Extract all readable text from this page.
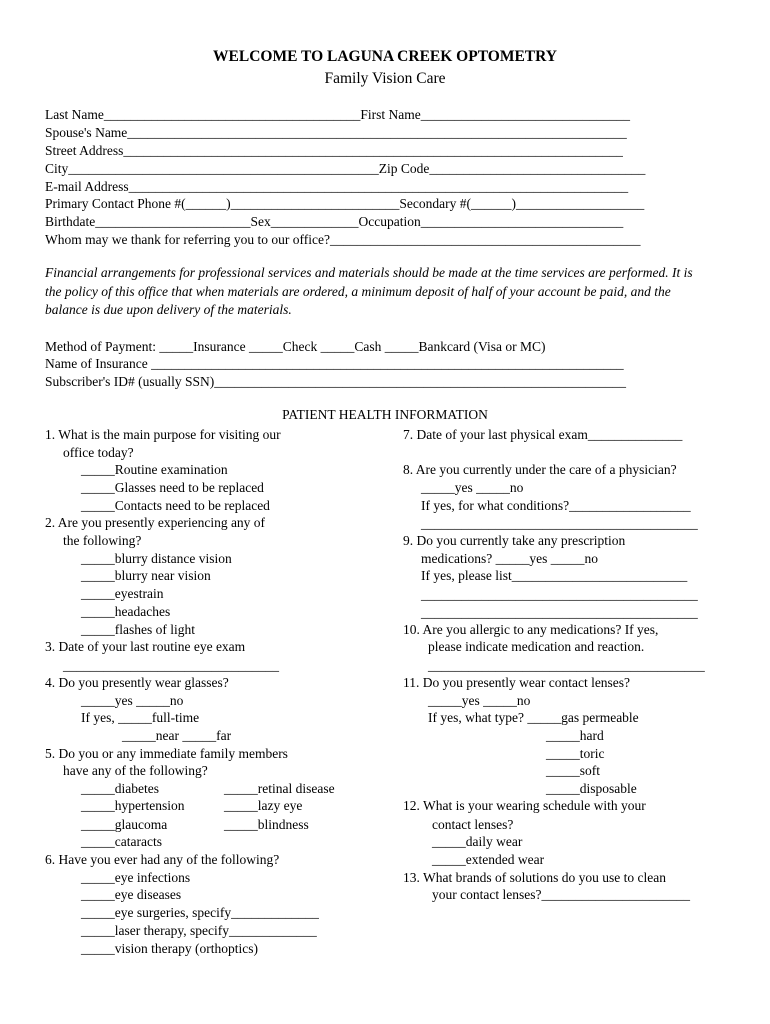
WELCOME TO LAGUNA CREEK OPTOMETRY
Family Vision Care
Last Name______________________________________First Name_______________________________
Spouse's Name__________________________________________________________________________
Street Address__________________________________________________________________________
City______________________________________________Zip Code________________________________
E-mail Address__________________________________________________________________________
Primary Contact Phone #(______)_________________________Secondary #(______)___________________
Birthdate_______________________Sex_____________Occupation______________________________
Whom may we thank for referring you to our office?______________________________________________
Financial arrangements for professional services and materials should be made at the time services are performed. It is the policy of this office that when materials are ordered, a minimum deposit of half of your account be paid, and the balance is due upon delivery of the materials.
Method of Payment: _____Insurance _____Check _____Cash _____Bankcard (Visa or MC)
Name of Insurance ______________________________________________________________________
Subscriber's ID# (usually SSN)_____________________________________________________________
PATIENT HEALTH INFORMATION
1. What is the main purpose for visiting our
office today?
_____Routine examination
_____Glasses need to be replaced
_____Contacts need to be replaced
2. Are you presently experiencing any of
the following?
_____blurry distance vision
_____blurry near vision
_____eyestrain
_____headaches
_____flashes of light
3. Date of your last routine eye exam
________________________________
4. Do you presently wear glasses?
_____yes _____no
If yes, _____full-time
_____near _____far
5. Do you or any immediate family members
have any of the following?
_____diabetes	_____retinal disease
_____hypertension	_____lazy eye
_____glaucoma	_____blindness
_____cataracts
6. Have you ever had any of the following?
_____eye infections
_____eye diseases
_____eye surgeries, specify_____________
_____laser therapy, specify_____________
_____vision therapy (orthoptics)
7. Date of your last physical exam______________
8. Are you currently under the care of a physician?
_____yes _____no
If yes, for what conditions?__________________
_________________________________________
9. Do you currently take any prescription
medications? _____yes _____no
If yes, please list__________________________
_________________________________________
_________________________________________
10. Are you allergic to any medications? If yes,
please indicate medication and reaction.
_________________________________________
11. Do you presently wear contact lenses?
_____yes _____no
If yes, what type? _____gas permeable
_____hard
_____toric
_____soft
_____disposable
12. What is your wearing schedule with your
contact lenses?
_____daily wear
_____extended wear
13. What brands of solutions do you use to clean
your contact lenses?______________________
